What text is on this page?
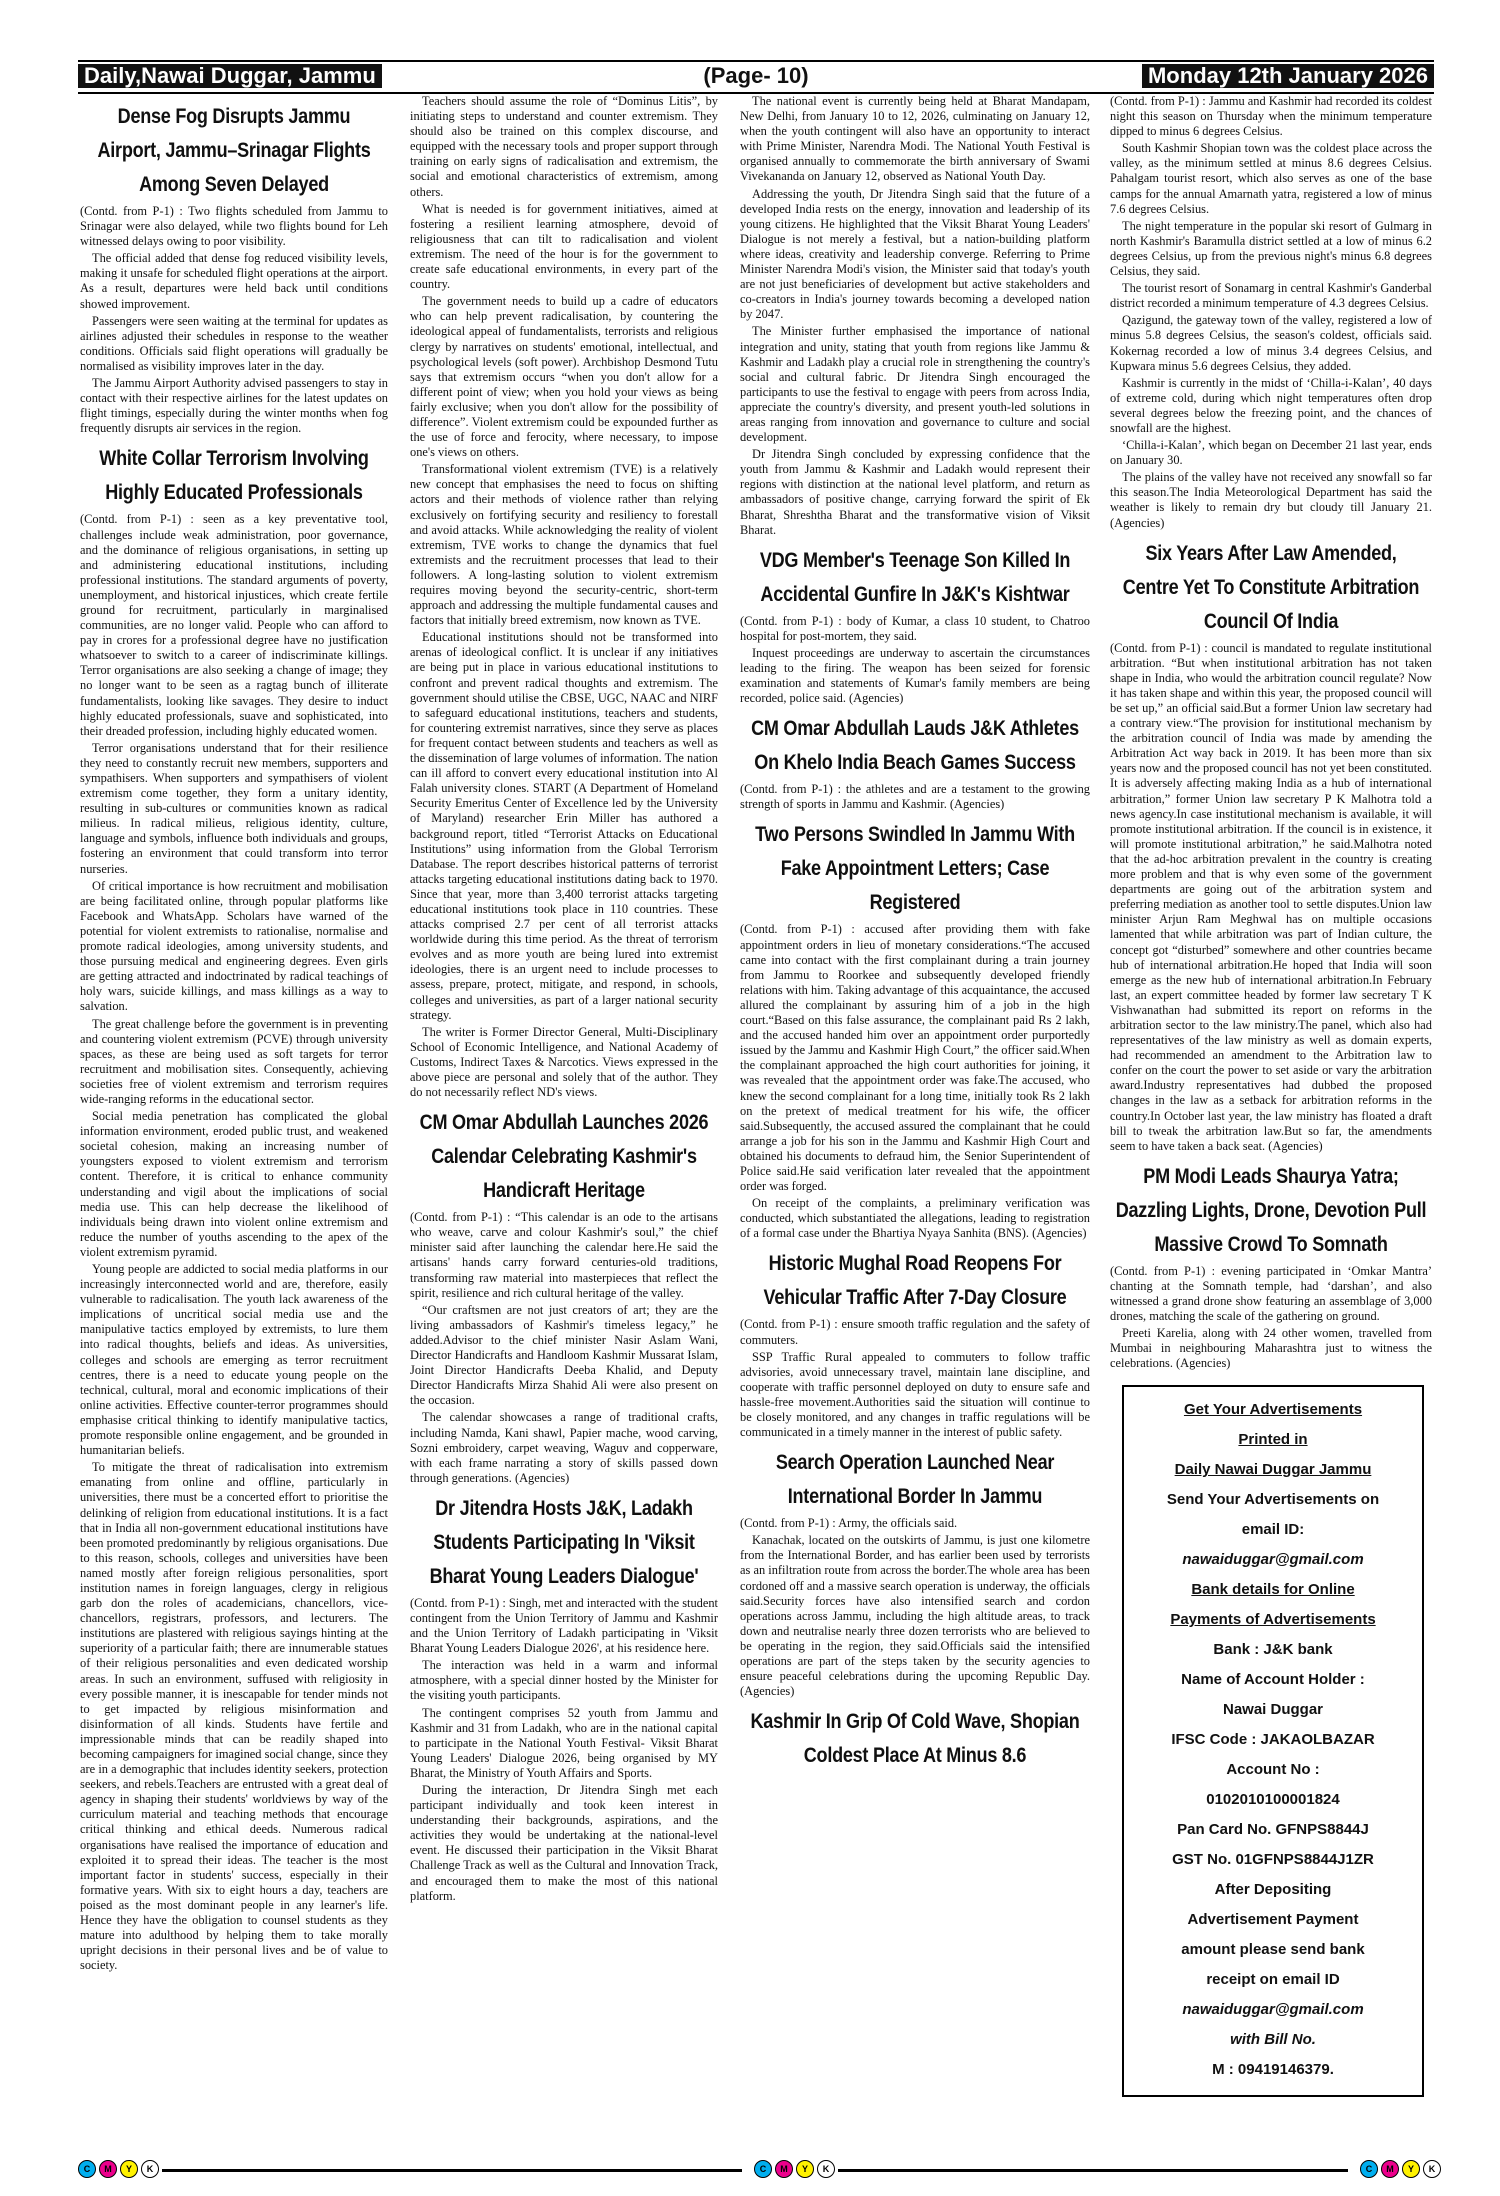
Daily,Nawai Duggar, Jammu	(Page- 10)	Monday 12th January 2026
Dense Fog Disrupts Jammu Airport, Jammu–Srinagar Flights Among Seven Delayed

(Contd. from P-1) : Two flights scheduled from Jammu to Srinagar were also delayed, while two flights bound for Leh witnessed delays owing to poor visibility.

The official added that dense fog reduced visibility levels, making it unsafe for scheduled flight operations at the airport. As a result, departures were held back until conditions showed improvement.

Passengers were seen waiting at the terminal for updates as airlines adjusted their schedules in response to the weather conditions. Officials said flight operations will gradually be normalised as visibility improves later in the day.

The Jammu Airport Authority advised passengers to stay in contact with their respective airlines for the latest updates on flight timings, especially during the winter months when fog frequently disrupts air services in the region.

White Collar Terrorism Involving Highly Educated Professionals

(Contd. from P-1) : seen as a key preventative tool, challenges include weak administration, poor governance, and the dominance of religious organisations, in setting up and administering educational institutions, including professional institutions. The standard arguments of poverty, unemployment, and historical injustices, which create fertile ground for recruitment, particularly in marginalised communities, are no longer valid. People who can afford to pay in crores for a professional degree have no justification whatsoever to switch to a career of indiscriminate killings. Terror organisations are also seeking a change of image; they no longer want to be seen as a ragtag bunch of illiterate fundamentalists, looking like savages. They desire to induct highly educated professionals, suave and sophisticated, into their dreaded profession, including highly educated women.

Terror organisations understand that for their resilience they need to constantly recruit new members, supporters and sympathisers. When supporters and sympathisers of violent extremism come together, they form a unitary identity, resulting in sub-cultures or communities known as radical milieus. In radical milieus, religious identity, culture, language and symbols, influence both individuals and groups, fostering an environment that could transform into terror nurseries.

Of critical importance is how recruitment and mobilisation are being facilitated online, through popular platforms like Facebook and WhatsApp. Scholars have warned of the potential for violent extremists to rationalise, normalise and promote radical ideologies, among university students, and those pursuing medical and engineering degrees. Even girls are getting attracted and indoctrinated by radical teachings of holy wars, suicide killings, and mass killings as a way to salvation.

The great challenge before the government is in preventing and countering violent extremism (PCVE) through university spaces, as these are being used as soft targets for terror recruitment and mobilisation sites. Consequently, achieving societies free of violent extremism and terrorism requires wide-ranging reforms in the educational sector.

Social media penetration has complicated the global information environment, eroded public trust, and weakened societal cohesion, making an increasing number of youngsters exposed to violent extremism and terrorism content. Therefore, it is critical to enhance community understanding and vigil about the implications of social media use. This can help decrease the likelihood of individuals being drawn into violent online extremism and reduce the number of youths ascending to the apex of the violent extremism pyramid.

Young people are addicted to social media platforms in our increasingly interconnected world and are, therefore, easily vulnerable to radicalisation. The youth lack awareness of the implications of uncritical social media use and the manipulative tactics employed by extremists, to lure them into radical thoughts, beliefs and ideas. As universities, colleges and schools are emerging as terror recruitment centres, there is a need to educate young people on the technical, cultural, moral and economic implications of their online activities. Effective counter-terror programmes should emphasise critical thinking to identify manipulative tactics, promote responsible online engagement, and be grounded in humanitarian beliefs.

To mitigate the threat of radicalisation into extremism emanating from online and offline, particularly in universities, there must be a concerted effort to prioritise the delinking of religion from educational institutions. It is a fact that in India all non-government educational institutions have been promoted predominantly by religious organisations. Due to this reason, schools, colleges and universities have been named mostly after foreign religious personalities, sport institution names in foreign languages, clergy in religious garb don the roles of academicians, chancellors, vice-chancellors, registrars, professors, and lecturers. The institutions are plastered with religious sayings hinting at the superiority of a particular faith; there are innumerable statues of their religious personalities and even dedicated worship areas. In such an environment, suffused with religiosity in every possible manner, it is inescapable for tender minds not to get impacted by religious misinformation and disinformation of all kinds. Students have fertile and impressionable minds that can be readily shaped into becoming campaigners for imagined social change, since they are in a demographic that includes identity seekers, protection seekers, and rebels.Teachers are entrusted with a great deal of agency in shaping their students' worldviews by way of the curriculum material and teaching methods that encourage critical thinking and ethical deeds. Numerous radical organisations have realised the importance of education and exploited it to spread their ideas. The teacher is the most important factor in students' success, especially in their formative years. With six to eight hours a day, teachers are poised as the most dominant people in any learner's life. Hence they have the obligation to counsel students as they mature into adulthood by helping them to take morally upright decisions in their personal lives and be of value to society.

Teachers should assume the role of “Dominus Litis”, by initiating steps to understand and counter extremism. They should also be trained on this complex discourse, and equipped with the necessary tools and proper support through training on early signs of radicalisation and extremism, the social and emotional characteristics of extremism, among others.

What is needed is for government initiatives, aimed at fostering a resilient learning atmosphere, devoid of religiousness that can tilt to radicalisation and violent extremism. The need of the hour is for the government to create safe educational environments, in every part of the country.

The government needs to build up a cadre of educators who can help prevent radicalisation, by countering the ideological appeal of fundamentalists, terrorists and religious clergy by narratives on students' emotional, intellectual, and psychological levels (soft power). Archbishop Desmond Tutu says that extremism occurs “when you don't allow for a different point of view; when you hold your views as being fairly exclusive; when you don't allow for the possibility of difference”. Violent extremism could be expounded further as the use of force and ferocity, where necessary, to impose one's views on others.

Transformational violent extremism (TVE) is a relatively new concept that emphasises the need to focus on shifting actors and their methods of violence rather than relying exclusively on fortifying security and resiliency to forestall and avoid attacks. While acknowledging the reality of violent extremism, TVE works to change the dynamics that fuel extremists and the recruitment processes that lead to their followers. A long-lasting solution to violent extremism requires moving beyond the security-centric, short-term approach and addressing the multiple fundamental causes and factors that initially breed extremism, now known as TVE.

Educational institutions should not be transformed into arenas of ideological conflict. It is unclear if any initiatives are being put in place in various educational institutions to confront and prevent radical thoughts and extremism. The government should utilise the CBSE, UGC, NAAC and NIRF to safeguard educational institutions, teachers and students, for countering extremist narratives, since they serve as places for frequent contact between students and teachers as well as the dissemination of large volumes of information. The nation can ill afford to convert every educational institution into Al Falah university clones. START (A Department of Homeland Security Emeritus Center of Excellence led by the University of Maryland) researcher Erin Miller has authored a background report, titled “Terrorist Attacks on Educational Institutions” using information from the Global Terrorism Database. The report describes historical patterns of terrorist attacks targeting educational institutions dating back to 1970. Since that year, more than 3,400 terrorist attacks targeting educational institutions took place in 110 countries. These attacks comprised 2.7 per cent of all terrorist attacks worldwide during this time period. As the threat of terrorism evolves and as more youth are being lured into extremist ideologies, there is an urgent need to include processes to assess, prepare, protect, mitigate, and respond, in schools, colleges and universities, as part of a larger national security strategy.

The writer is Former Director General, Multi-Disciplinary School of Economic Intelligence, and National Academy of Customs, Indirect Taxes & Narcotics. Views expressed in the above piece are personal and solely that of the author. They do not necessarily reflect ND's views.

CM Omar Abdullah Launches 2026 Calendar Celebrating Kashmir's Handicraft Heritage

(Contd. from P-1) : “This calendar is an ode to the artisans who weave, carve and colour Kashmir's soul,” the chief minister said after launching the calendar here.He said the artisans' hands carry forward centuries-old traditions, transforming raw material into masterpieces that reflect the spirit, resilience and rich cultural heritage of the valley.

“Our craftsmen are not just creators of art; they are the living ambassadors of Kashmir's timeless legacy,” he added.Advisor to the chief minister Nasir Aslam Wani, Director Handicrafts and Handloom Kashmir Mussarat Islam, Joint Director Handicrafts Deeba Khalid, and Deputy Director Handicrafts Mirza Shahid Ali were also present on the occasion.

The calendar showcases a range of traditional crafts, including Namda, Kani shawl, Papier mache, wood carving, Sozni embroidery, carpet weaving, Waguv and copperware, with each frame narrating a story of skills passed down through generations. (Agencies)

Dr Jitendra Hosts J&K, Ladakh Students Participating In 'Viksit Bharat Young Leaders Dialogue'

(Contd. from P-1) : Singh, met and interacted with the student contingent from the Union Territory of Jammu and Kashmir and the Union Territory of Ladakh participating in 'Viksit Bharat Young Leaders Dialogue 2026', at his residence here.

The interaction was held in a warm and informal atmosphere, with a special dinner hosted by the Minister for the visiting youth participants.

The contingent comprises 52 youth from Jammu and Kashmir and 31 from Ladakh, who are in the national capital to participate in the National Youth Festival- Viksit Bharat Young Leaders' Dialogue 2026, being organised by MY Bharat, the Ministry of Youth Affairs and Sports.

During the interaction, Dr Jitendra Singh met each participant individually and took keen interest in understanding their backgrounds, aspirations, and the activities they would be undertaking at the national-level event. He discussed their participation in the Viksit Bharat Challenge Track as well as the Cultural and Innovation Track, and encouraged them to make the most of this national platform.

The national event is currently being held at Bharat Mandapam, New Delhi, from January 10 to 12, 2026, culminating on January 12, when the youth contingent will also have an opportunity to interact with Prime Minister, Narendra Modi. The National Youth Festival is organised annually to commemorate the birth anniversary of Swami Vivekananda on January 12, observed as National Youth Day.

Addressing the youth, Dr Jitendra Singh said that the future of a developed India rests on the energy, innovation and leadership of its young citizens. He highlighted that the Viksit Bharat Young Leaders' Dialogue is not merely a festival, but a nation-building platform where ideas, creativity and leadership converge. Referring to Prime Minister Narendra Modi's vision, the Minister said that today's youth are not just beneficiaries of development but active stakeholders and co-creators in India's journey towards becoming a developed nation by 2047.

The Minister further emphasised the importance of national integration and unity, stating that youth from regions like Jammu & Kashmir and Ladakh play a crucial role in strengthening the country's social and cultural fabric. Dr Jitendra Singh encouraged the participants to use the festival to engage with peers from across India, appreciate the country's diversity, and present youth-led solutions in areas ranging from innovation and governance to culture and social development.

Dr Jitendra Singh concluded by expressing confidence that the youth from Jammu & Kashmir and Ladakh would represent their regions with distinction at the national level platform, and return as ambassadors of positive change, carrying forward the spirit of Ek Bharat, Shreshtha Bharat and the transformative vision of Viksit Bharat.

VDG Member's Teenage Son Killed In Accidental Gunfire In J&K's Kishtwar

(Contd. from P-1) : body of Kumar, a class 10 student, to Chatroo hospital for post-mortem, they said.

Inquest proceedings are underway to ascertain the circumstances leading to the firing. The weapon has been seized for forensic examination and statements of Kumar's family members are being recorded, police said. (Agencies)

CM Omar Abdullah Lauds J&K Athletes On Khelo India Beach Games Success

(Contd. from P-1) : the athletes and are a testament to the growing strength of sports in Jammu and Kashmir. (Agencies)

Two Persons Swindled In Jammu With Fake Appointment Letters; Case Registered

(Contd. from P-1) : accused after providing them with fake appointment orders in lieu of monetary considerations.“The accused came into contact with the first complainant during a train journey from Jammu to Roorkee and subsequently developed friendly relations with him. Taking advantage of this acquaintance, the accused allured the complainant by assuring him of a job in the high court.“Based on this false assurance, the complainant paid Rs 2 lakh, and the accused handed him over an appointment order purportedly issued by the Jammu and Kashmir High Court,” the officer said.When the complainant approached the high court authorities for joining, it was revealed that the appointment order was fake.The accused, who knew the second complainant for a long time, initially took Rs 2 lakh on the pretext of medical treatment for his wife, the officer said.Subsequently, the accused assured the complainant that he could arrange a job for his son in the Jammu and Kashmir High Court and obtained his documents to defraud him, the Senior Superintendent of Police said.He said verification later revealed that the appointment order was forged.

On receipt of the complaints, a preliminary verification was conducted, which substantiated the allegations, leading to registration of a formal case under the Bhartiya Nyaya Sanhita (BNS). (Agencies)

Historic Mughal Road Reopens For Vehicular Traffic After 7-Day Closure

(Contd. from P-1) : ensure smooth traffic regulation and the safety of commuters.

SSP Traffic Rural appealed to commuters to follow traffic advisories, avoid unnecessary travel, maintain lane discipline, and cooperate with traffic personnel deployed on duty to ensure safe and hassle-free movement.Authorities said the situation will continue to be closely monitored, and any changes in traffic regulations will be communicated in a timely manner in the interest of public safety.

Search Operation Launched Near International Border In Jammu

(Contd. from P-1) : Army, the officials said.

Kanachak, located on the outskirts of Jammu, is just one kilometre from the International Border, and has earlier been used by terrorists as an infiltration route from across the border.The whole area has been cordoned off and a massive search operation is underway, the officials said.Security forces have also intensified search and cordon operations across Jammu, including the high altitude areas, to track down and neutralise nearly three dozen terrorists who are believed to be operating in the region, they said.Officials said the intensified operations are part of the steps taken by the security agencies to ensure peaceful celebrations during the upcoming Republic Day. (Agencies)

Kashmir In Grip Of Cold Wave, Shopian Coldest Place At Minus 8.6

(Contd. from P-1) : Jammu and Kashmir had recorded its coldest night this season on Thursday when the minimum temperature dipped to minus 6 degrees Celsius.

South Kashmir Shopian town was the coldest place across the valley, as the minimum settled at minus 8.6 degrees Celsius. Pahalgam tourist resort, which also serves as one of the base camps for the annual Amarnath yatra, registered a low of minus 7.6 degrees Celsius.

The night temperature in the popular ski resort of Gulmarg in north Kashmir's Baramulla district settled at a low of minus 6.2 degrees Celsius, up from the previous night's minus 6.8 degrees Celsius, they said.

The tourist resort of Sonamarg in central Kashmir's Ganderbal district recorded a minimum temperature of 4.3 degrees Celsius.

Qazigund, the gateway town of the valley, registered a low of minus 5.8 degrees Celsius, the season's coldest, officials said. Kokernag recorded a low of minus 3.4 degrees Celsius, and Kupwara minus 5.6 degrees Celsius, they added.

Kashmir is currently in the midst of ‘Chilla-i-Kalan’, 40 days of extreme cold, during which night temperatures often drop several degrees below the freezing point, and the chances of snowfall are the highest.

‘Chilla-i-Kalan’, which began on December 21 last year, ends on January 30.

The plains of the valley have not received any snowfall so far this season.The India Meteorological Department has said the weather is likely to remain dry but cloudy till January 21. (Agencies)

Six Years After Law Amended, Centre Yet To Constitute Arbitration Council Of India

(Contd. from P-1) : council is mandated to regulate institutional arbitration. “But when institutional arbitration has not taken shape in India, who would the arbitration council regulate? Now it has taken shape and within this year, the proposed council will be set up,” an official said.But a former Union law secretary had a contrary view.“The provision for institutional mechanism by the arbitration council of India was made by amending the Arbitration Act way back in 2019. It has been more than six years now and the proposed council has not yet been constituted. It is adversely affecting making India as a hub of international arbitration,” former Union law secretary P K Malhotra told a news agency.In case institutional mechanism is available, it will promote institutional arbitration. If the council is in existence, it will promote institutional arbitration,” he said.Malhotra noted that the ad-hoc arbitration prevalent in the country is creating more problem and that is why even some of the government departments are going out of the arbitration system and preferring mediation as another tool to settle disputes.Union law minister Arjun Ram Meghwal has on multiple occasions lamented that while arbitration was part of Indian culture, the concept got “disturbed” somewhere and other countries became hub of international arbitration.He hoped that India will soon emerge as the new hub of international arbitration.In February last, an expert committee headed by former law secretary T K Vishwanathan had submitted its report on reforms in the arbitration sector to the law ministry.The panel, which also had representatives of the law ministry as well as domain experts, had recommended an amendment to the Arbitration law to confer on the court the power to set aside or vary the arbitration award.Industry representatives had dubbed the proposed changes in the law as a setback for arbitration reforms in the country.In October last year, the law ministry has floated a draft bill to tweak the arbitration law.But so far, the amendments seem to have taken a back seat. (Agencies)

PM Modi Leads Shaurya Yatra; Dazzling Lights, Drone, Devotion Pull Massive Crowd To Somnath

(Contd. from P-1) : evening participated in ‘Omkar Mantra’ chanting at the Somnath temple, had ‘darshan’, and also witnessed a grand drone show featuring an assemblage of 3,000 drones, matching the scale of the gathering on ground.

Preeti Karelia, along with 24 other women, travelled from Mumbai in neighbouring Maharashtra just to witness the celebrations. (Agencies)

Get Your Advertisements
Printed in
Daily Nawai Duggar Jammu
Send Your Advertisements on
email ID:
nawaiduggar@gmail.com
Bank details for Online
Payments of Advertisements
Bank : J&K bank
Name of Account Holder :
Nawai Duggar
IFSC Code : JAKAOLBAZAR
Account No :
0102010100001824
Pan Card No. GFNPS8844J
GST No. 01GFNPS8844J1ZR
After Depositing
Advertisement Payment
amount please send bank
receipt on email ID
nawaiduggar@gmail.com
with Bill No.
M : 09419146379.
C	M	Y	K	C	M	Y	K	C	M	Y	K
